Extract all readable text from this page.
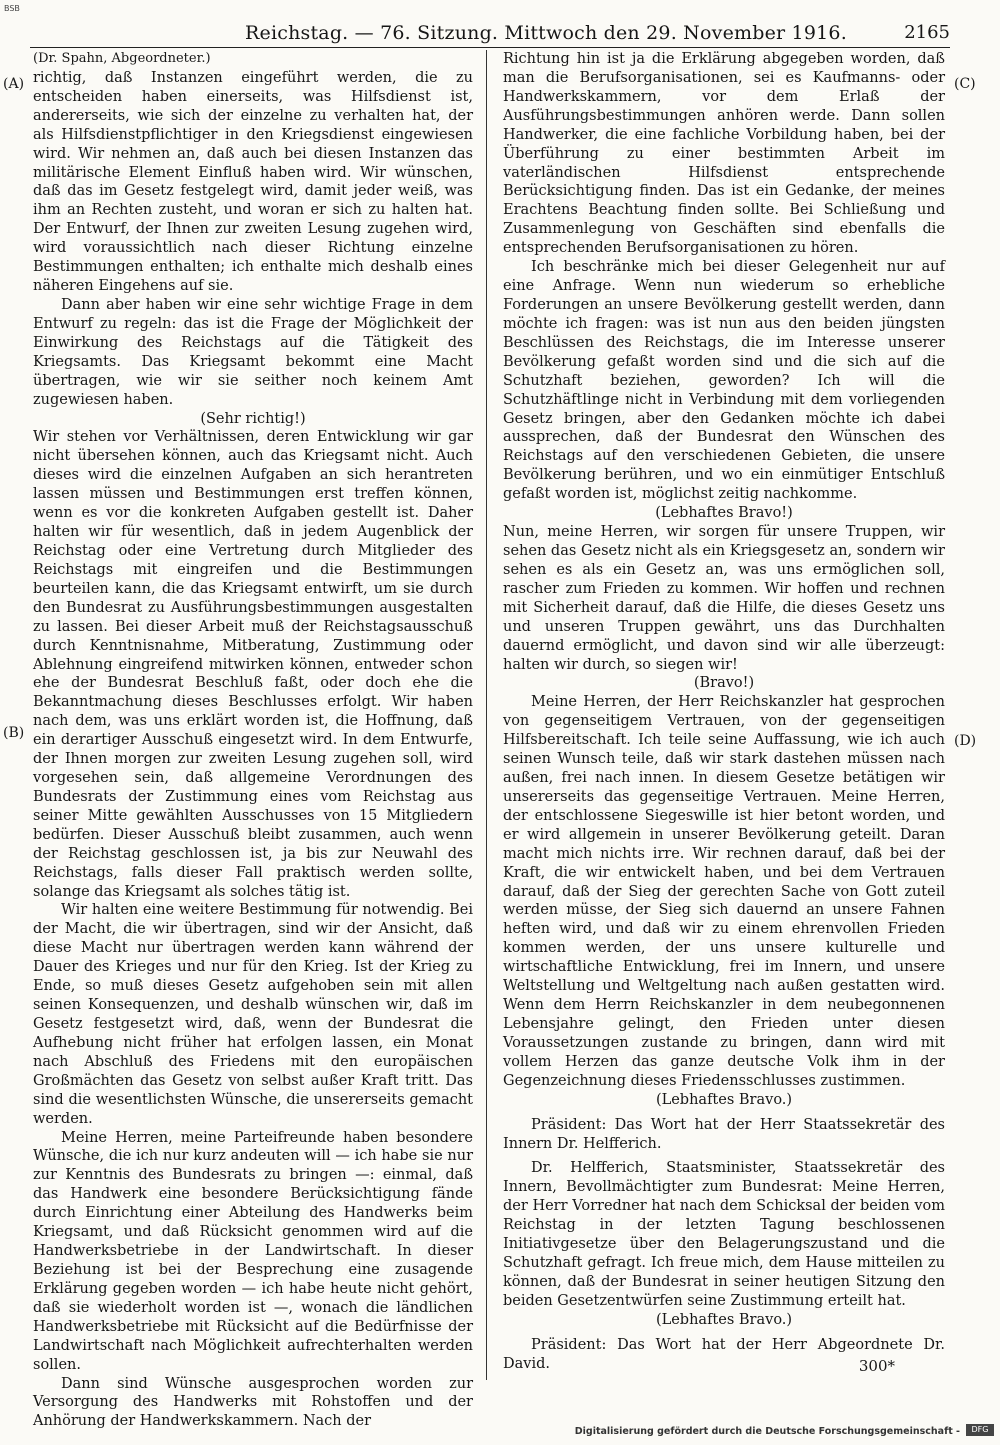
BSB
Reichstag. — 76. Sitzung. Mittwoch den 29. November 1916.	2165
(A)
(B)
(C)
(D)

(Dr. Spahn, Abgeordneter.)

richtig, daß Instanzen eingeführt werden, die zu entscheiden haben einerseits, was Hilfsdienst ist, andererseits, wie sich der einzelne zu verhalten hat, der als Hilfsdienstpflichtiger in den Kriegsdienst eingewiesen wird. Wir nehmen an, daß auch bei diesen Instanzen das militärische Element Einfluß haben wird. Wir wünschen, daß das im Gesetz festgelegt wird, damit jeder weiß, was ihm an Rechten zusteht, und woran er sich zu halten hat. Der Entwurf, der Ihnen zur zweiten Lesung zugehen wird, wird voraussichtlich nach dieser Richtung einzelne Bestimmungen enthalten; ich enthalte mich deshalb eines näheren Eingehens auf sie.

Dann aber haben wir eine sehr wichtige Frage in dem Entwurf zu regeln: das ist die Frage der Möglichkeit der Einwirkung des Reichstags auf die Tätigkeit des Kriegsamts. Das Kriegsamt bekommt eine Macht übertragen, wie wir sie seither noch keinem Amt zugewiesen haben.

(Sehr richtig!)

Wir stehen vor Verhältnissen, deren Entwicklung wir gar nicht übersehen können, auch das Kriegsamt nicht. Auch dieses wird die einzelnen Aufgaben an sich herantreten lassen müssen und Bestimmungen erst treffen können, wenn es vor die konkreten Aufgaben gestellt ist. Daher halten wir für wesentlich, daß in jedem Augenblick der Reichstag oder eine Vertretung durch Mitglieder des Reichstags mit eingreifen und die Bestimmungen beurteilen kann, die das Kriegsamt entwirft, um sie durch den Bundesrat zu Ausführungsbestimmungen ausgestalten zu lassen. Bei dieser Arbeit muß der Reichstagsausschuß durch Kenntnisnahme, Mitberatung, Zustimmung oder Ablehnung eingreifend mitwirken können, entweder schon ehe der Bundesrat Beschluß faßt, oder doch ehe die Bekanntmachung dieses Beschlusses erfolgt. Wir haben nach dem, was uns erklärt worden ist, die Hoffnung, daß ein derartiger Ausschuß eingesetzt wird. In dem Entwurfe, der Ihnen morgen zur zweiten Lesung zugehen soll, wird vorgesehen sein, daß allgemeine Verordnungen des Bundesrats der Zustimmung eines vom Reichstag aus seiner Mitte gewählten Ausschusses von 15 Mitgliedern bedürfen. Dieser Ausschuß bleibt zusammen, auch wenn der Reichstag geschlossen ist, ja bis zur Neuwahl des Reichstags, falls dieser Fall praktisch werden sollte, solange das Kriegsamt als solches tätig ist.

Wir halten eine weitere Bestimmung für notwendig. Bei der Macht, die wir übertragen, sind wir der Ansicht, daß diese Macht nur übertragen werden kann während der Dauer des Krieges und nur für den Krieg. Ist der Krieg zu Ende, so muß dieses Gesetz aufgehoben sein mit allen seinen Konsequenzen, und deshalb wünschen wir, daß im Gesetz festgesetzt wird, daß, wenn der Bundesrat die Aufhebung nicht früher hat erfolgen lassen, ein Monat nach Abschluß des Friedens mit den europäischen Großmächten das Gesetz von selbst außer Kraft tritt. Das sind die wesentlichsten Wünsche, die unsererseits gemacht werden.

Meine Herren, meine Parteifreunde haben besondere Wünsche, die ich nur kurz andeuten will — ich habe sie nur zur Kenntnis des Bundesrats zu bringen —: einmal, daß das Handwerk eine besondere Berücksichtigung fände durch Einrichtung einer Abteilung des Handwerks beim Kriegsamt, und daß Rücksicht genommen wird auf die Handwerksbetriebe in der Landwirtschaft. In dieser Beziehung ist bei der Besprechung eine zusagende Erklärung gegeben worden — ich habe heute nicht gehört, daß sie wiederholt worden ist —, wonach die ländlichen Handwerksbetriebe mit Rücksicht auf die Bedürfnisse der Landwirtschaft nach Möglichkeit aufrechterhalten werden sollen.

Dann sind Wünsche ausgesprochen worden zur Versorgung des Handwerks mit Rohstoffen und der Anhörung der Handwerkskammern. Nach der

Richtung hin ist ja die Erklärung abgegeben worden, daß man die Berufsorganisationen, sei es Kaufmanns- oder Handwerkskammern, vor dem Erlaß der Ausführungsbestimmungen anhören werde. Dann sollen Handwerker, die eine fachliche Vorbildung haben, bei der Überführung zu einer bestimmten Arbeit im vaterländischen Hilfsdienst entsprechende Berücksichtigung finden. Das ist ein Gedanke, der meines Erachtens Beachtung finden sollte. Bei Schließung und Zusammenlegung von Geschäften sind ebenfalls die entsprechenden Berufsorganisationen zu hören.

Ich beschränke mich bei dieser Gelegenheit nur auf eine Anfrage. Wenn nun wiederum so erhebliche Forderungen an unsere Bevölkerung gestellt werden, dann möchte ich fragen: was ist nun aus den beiden jüngsten Beschlüssen des Reichstags, die im Interesse unserer Bevölkerung gefaßt worden sind und die sich auf die Schutzhaft beziehen, geworden? Ich will die Schutzhäftlinge nicht in Verbindung mit dem vorliegenden Gesetz bringen, aber den Gedanken möchte ich dabei aussprechen, daß der Bundesrat den Wünschen des Reichstags auf den verschiedenen Gebieten, die unsere Bevölkerung berühren, und wo ein einmütiger Entschluß gefaßt worden ist, möglichst zeitig nachkomme.

(Lebhaftes Bravo!)

Nun, meine Herren, wir sorgen für unsere Truppen, wir sehen das Gesetz nicht als ein Kriegsgesetz an, sondern wir sehen es als ein Gesetz an, was uns ermöglichen soll, rascher zum Frieden zu kommen. Wir hoffen und rechnen mit Sicherheit darauf, daß die Hilfe, die dieses Gesetz uns und unseren Truppen gewährt, uns das Durchhalten dauernd ermöglicht, und davon sind wir alle überzeugt: halten wir durch, so siegen wir!

(Bravo!)

Meine Herren, der Herr Reichskanzler hat gesprochen von gegenseitigem Vertrauen, von der gegenseitigen Hilfsbereitschaft. Ich teile seine Auffassung, wie ich auch seinen Wunsch teile, daß wir stark dastehen müssen nach außen, frei nach innen. In diesem Gesetze betätigen wir unsererseits das gegenseitige Vertrauen. Meine Herren, der entschlossene Siegeswille ist hier betont worden, und er wird allgemein in unserer Bevölkerung geteilt. Daran macht mich nichts irre. Wir rechnen darauf, daß bei der Kraft, die wir entwickelt haben, und bei dem Vertrauen darauf, daß der Sieg der gerechten Sache von Gott zuteil werden müsse, der Sieg sich dauernd an unsere Fahnen heften wird, und daß wir zu einem ehrenvollen Frieden kommen werden, der uns unsere kulturelle und wirtschaftliche Entwicklung, frei im Innern, und unsere Weltstellung und Weltgeltung nach außen gestatten wird. Wenn dem Herrn Reichskanzler in dem neubegonnenen Lebensjahre gelingt, den Frieden unter diesen Voraussetzungen zustande zu bringen, dann wird mit vollem Herzen das ganze deutsche Volk ihm in der Gegenzeichnung dieses Friedensschlusses zustimmen.

(Lebhaftes Bravo.)

Präsident: Das Wort hat der Herr Staatssekretär des Innern Dr. Helfferich.

Dr. Helfferich, Staatsminister, Staatssekretär des Innern, Bevollmächtigter zum Bundesrat: Meine Herren, der Herr Vorredner hat nach dem Schicksal der beiden vom Reichstag in der letzten Tagung beschlossenen Initiativgesetze über den Belagerungszustand und die Schutzhaft gefragt. Ich freue mich, dem Hause mitteilen zu können, daß der Bundesrat in seiner heutigen Sitzung den beiden Gesetzentwürfen seine Zustimmung erteilt hat.

(Lebhaftes Bravo.)

Präsident: Das Wort hat der Herr Abgeordnete Dr. David.	300*
Digitalisierung gefördert durch die Deutsche Forschungsgemeinschaft -	DFG
